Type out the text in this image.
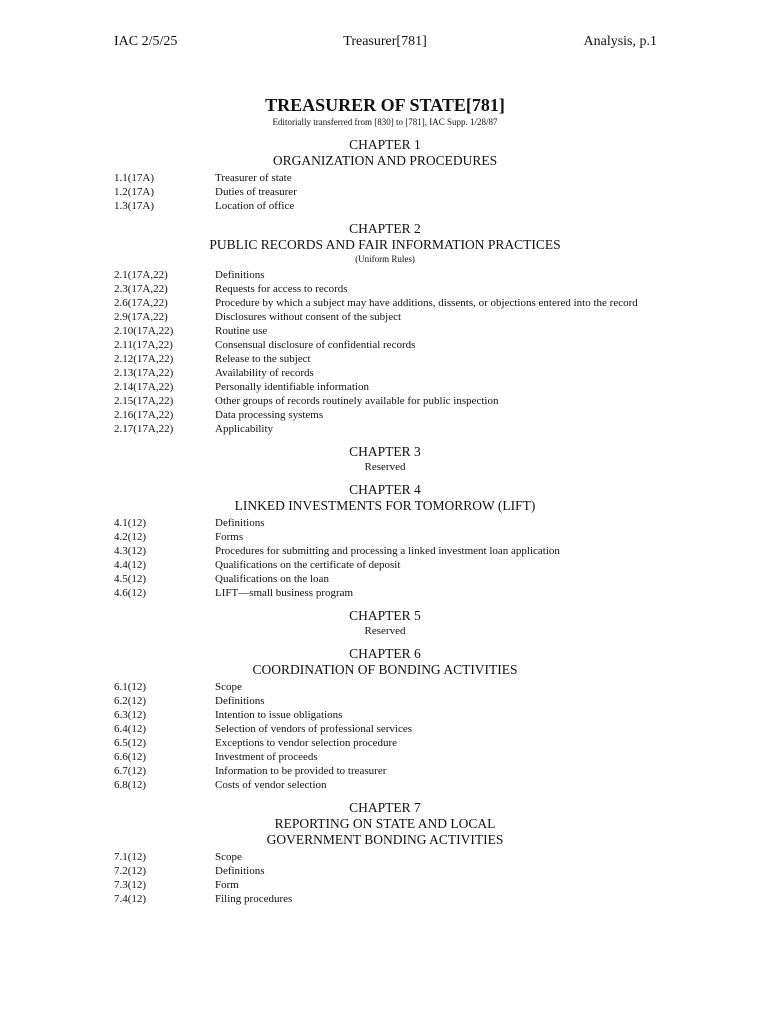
IAC 2/5/25	Treasurer[781]	Analysis, p.1
TREASURER OF STATE[781]
Editorially transferred from [830] to [781], IAC Supp. 1/28/87
CHAPTER 1
ORGANIZATION AND PROCEDURES
1.1(17A)	Treasurer of state
1.2(17A)	Duties of treasurer
1.3(17A)	Location of office
CHAPTER 2
PUBLIC RECORDS AND FAIR INFORMATION PRACTICES
(Uniform Rules)
2.1(17A,22)	Definitions
2.3(17A,22)	Requests for access to records
2.6(17A,22)	Procedure by which a subject may have additions, dissents, or objections entered into the record
2.9(17A,22)	Disclosures without consent of the subject
2.10(17A,22)	Routine use
2.11(17A,22)	Consensual disclosure of confidential records
2.12(17A,22)	Release to the subject
2.13(17A,22)	Availability of records
2.14(17A,22)	Personally identifiable information
2.15(17A,22)	Other groups of records routinely available for public inspection
2.16(17A,22)	Data processing systems
2.17(17A,22)	Applicability
CHAPTER 3
Reserved
CHAPTER 4
LINKED INVESTMENTS FOR TOMORROW (LIFT)
4.1(12)	Definitions
4.2(12)	Forms
4.3(12)	Procedures for submitting and processing a linked investment loan application
4.4(12)	Qualifications on the certificate of deposit
4.5(12)	Qualifications on the loan
4.6(12)	LIFT—small business program
CHAPTER 5
Reserved
CHAPTER 6
COORDINATION OF BONDING ACTIVITIES
6.1(12)	Scope
6.2(12)	Definitions
6.3(12)	Intention to issue obligations
6.4(12)	Selection of vendors of professional services
6.5(12)	Exceptions to vendor selection procedure
6.6(12)	Investment of proceeds
6.7(12)	Information to be provided to treasurer
6.8(12)	Costs of vendor selection
CHAPTER 7
REPORTING ON STATE AND LOCAL
GOVERNMENT BONDING ACTIVITIES
7.1(12)	Scope
7.2(12)	Definitions
7.3(12)	Form
7.4(12)	Filing procedures
